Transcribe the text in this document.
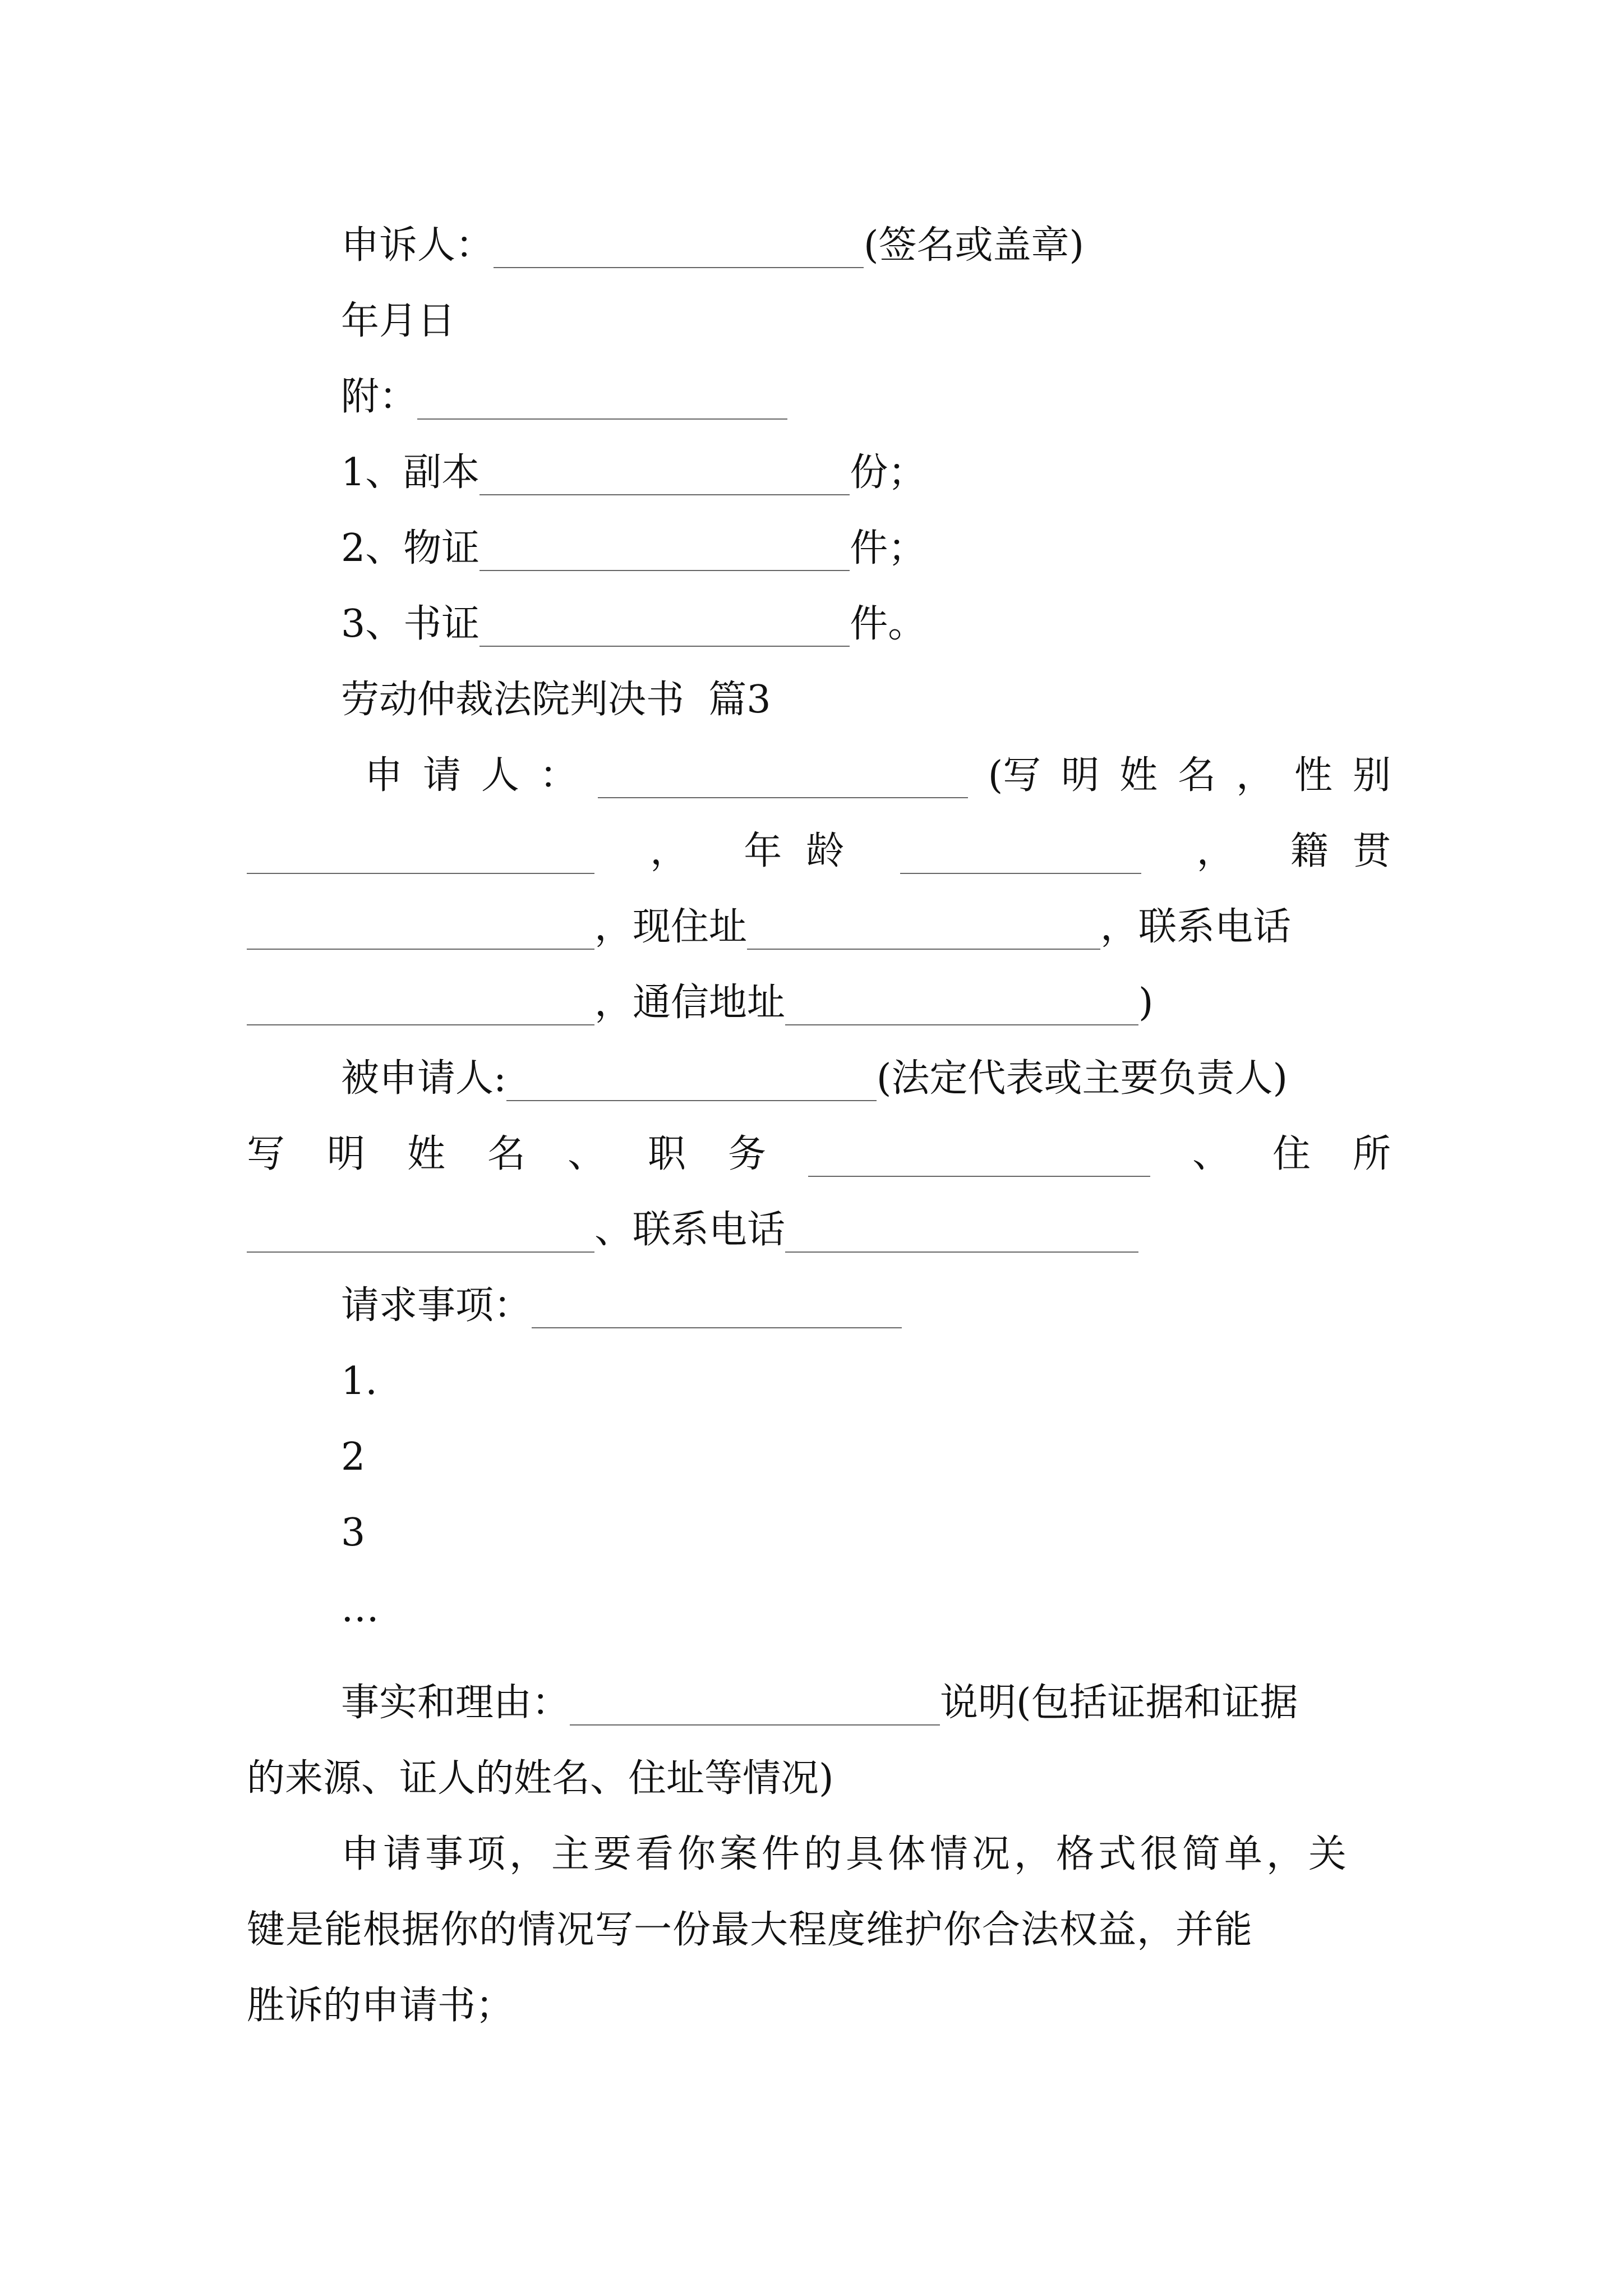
申诉人：	(签名或盖章)
年月日
附：
1、副本	份；
2、物证	件；
3、书证	件。
劳动仲裁法院判决书  篇3
申 请 人 ：	(写 明 姓 名 ， 性 别
， 年  龄	， 籍  贯
，现住址	，联系电话
，通信地址	)
被申请人:	(法定代表或主要负责人)
写 明 姓 名 、 职 务	、 住 所
、联系电话
请求事项：
1.
2
3
…
事实和理由：	说明(包括证据和证据
的来源、证人的姓名、住址等情况)
申请事项，主要看你案件的具体情况，格式很简单，关
键是能根据你的情况写一份最大程度维护你合法权益，并能
胜诉的申请书；
